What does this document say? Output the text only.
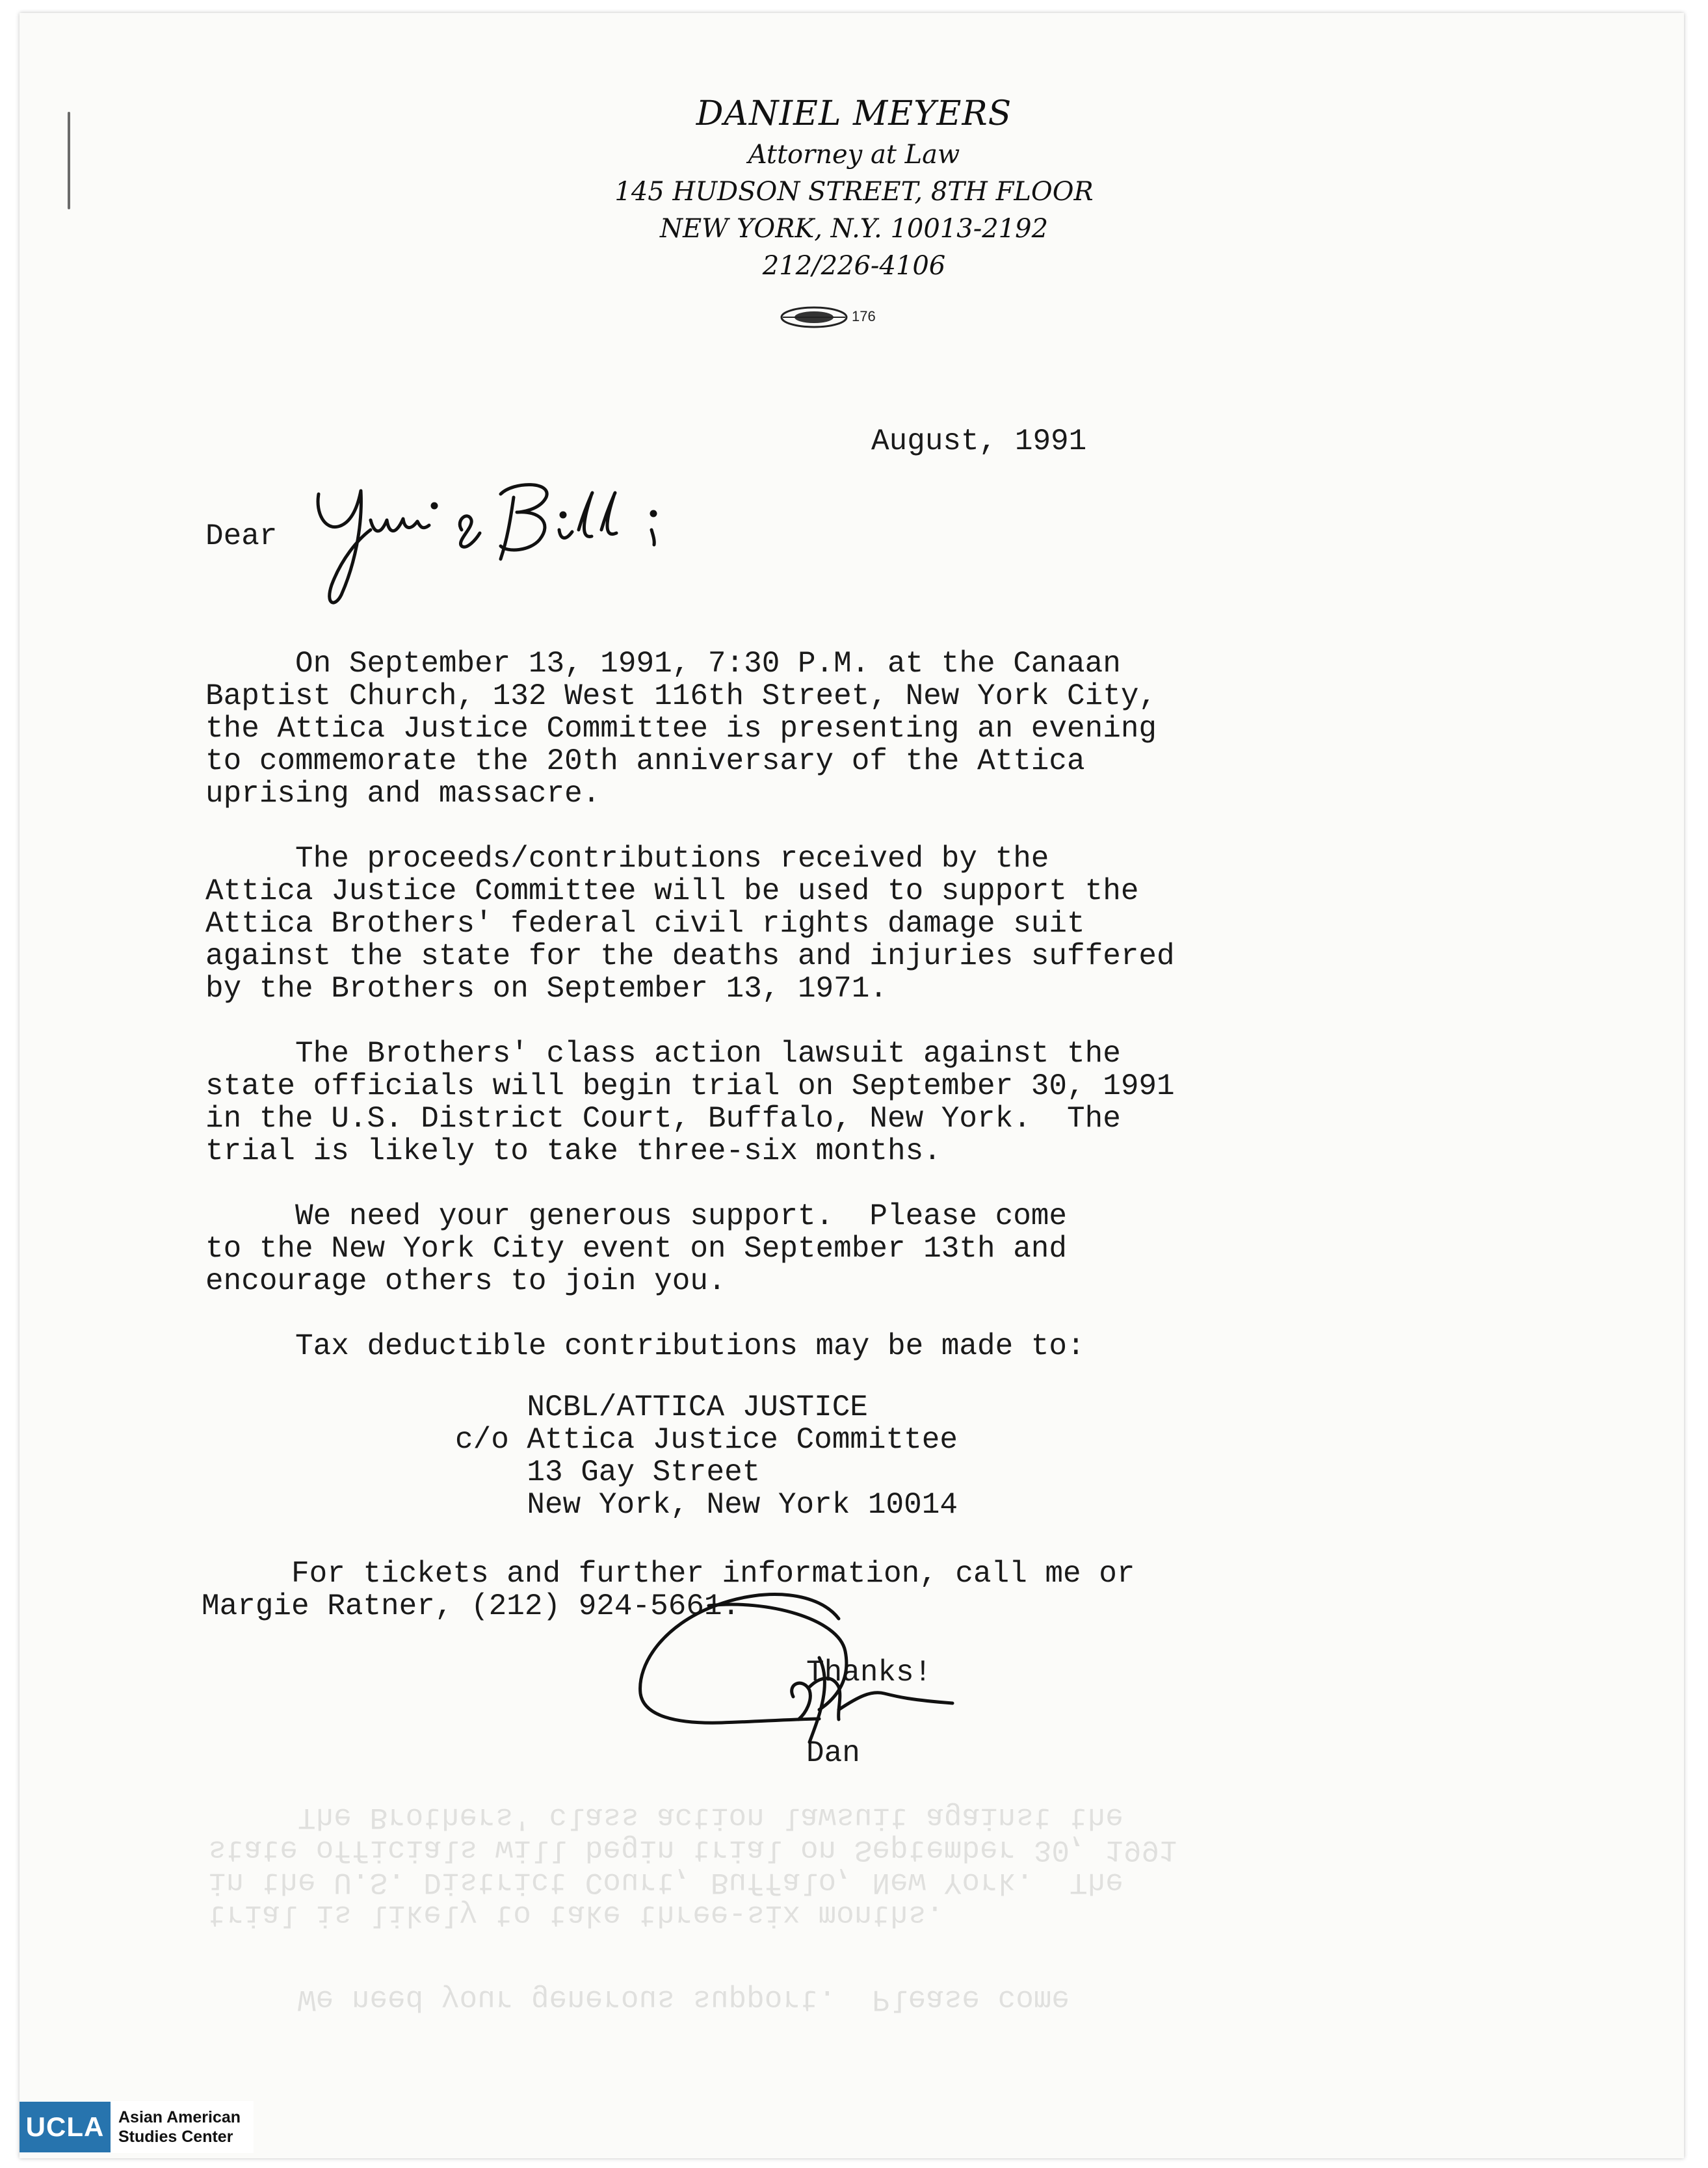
DANIEL MEYERS
Attorney at Law
145 HUDSON STREET, 8TH FLOOR
NEW YORK, N.Y. 10013-2192
212/226-4106
176
August, 1991
Dear
On September 13, 1991, 7:30 P.M. at the Canaan
Baptist Church, 132 West 116th Street, New York City,
the Attica Justice Committee is presenting an evening
to commemorate the 20th anniversary of the Attica
uprising and massacre.
The proceeds/contributions received by the
Attica Justice Committee will be used to support the
Attica Brothers' federal civil rights damage suit
against the state for the deaths and injuries suffered
by the Brothers on September 13, 1971.
The Brothers' class action lawsuit against the
state officials will begin trial on September 30, 1991
in the U.S. District Court, Buffalo, New York.  The
trial is likely to take three-six months.
We need your generous support.  Please come
to the New York City event on September 13th and
encourage others to join you.
Tax deductible contributions may be made to:
NCBL/ATTICA JUSTICE
c/o Attica Justice Committee
13 Gay Street
New York, New York 10014
For tickets and further information, call me or
Margie Ratner, (212) 924-5661.
Thanks!
Dan
We need your generous support.  Please come
trial is likely to take three-six months.
in the U.S. District Court, Buffalo, New York.  The
state officials will begin trial on September 30, 1991
The Brothers' class action lawsuit against the
UCLA Asian American
Studies Center
